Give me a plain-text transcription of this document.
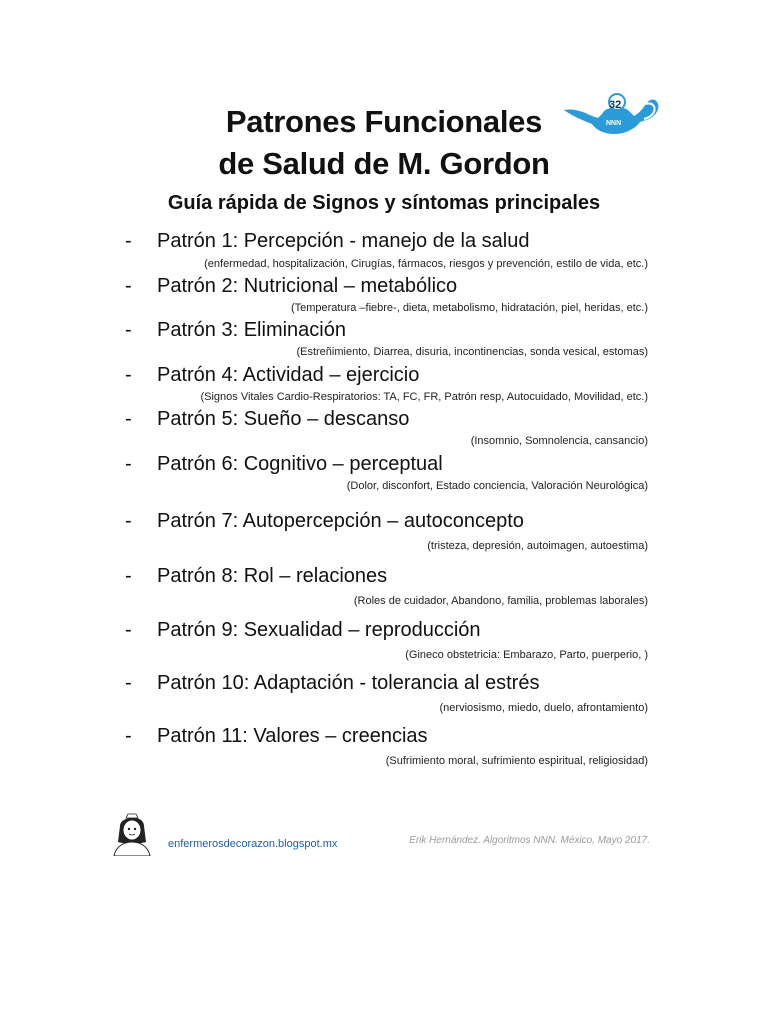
Patrones Funcionales
de Salud de M. Gordon
Guía rápida de Signos y síntomas principales
32
NNN
- Patrón 1: Percepción - manejo de la salud
(enfermedad, hospitalización, Cirugías, fármacos, riesgos y prevención, estilo de vida, etc.)
- Patrón 2: Nutricional – metabólico
(Temperatura –fiebre-, dieta, metabolismo, hidratación, piel, heridas, etc.)
- Patrón 3: Eliminación
(Estreñimiento, Diarrea, disuria, incontinencias, sonda vesical, estomas)
- Patrón 4: Actividad – ejercicio
(Signos Vitales Cardio-Respiratorios: TA, FC, FR, Patrón resp, Autocuidado, Movilidad, etc.)
- Patrón 5: Sueño – descanso
(Insomnio, Somnolencia, cansancio)
- Patrón 6: Cognitivo – perceptual
(Dolor, disconfort, Estado conciencia, Valoración Neurológica)
- Patrón 7: Autopercepción – autoconcepto
(tristeza, depresión, autoimagen, autoestima)
- Patrón 8: Rol – relaciones
(Roles de cuidador, Abandono, familia, problemas laborales)
- Patrón 9: Sexualidad – reproducción
(Gineco obstetricia: Embarazo, Parto, puerperio, )
- Patrón 10: Adaptación - tolerancia al estrés
(nerviosismo, miedo, duelo, afrontamiento)
- Patrón 11: Valores – creencias
(Sufrimiento moral, sufrimiento espiritual, religiosidad)
enfermerosdecorazon.blogspot.mx	Erik Hernández. Algoritmos NNN. México, Mayo 2017.
